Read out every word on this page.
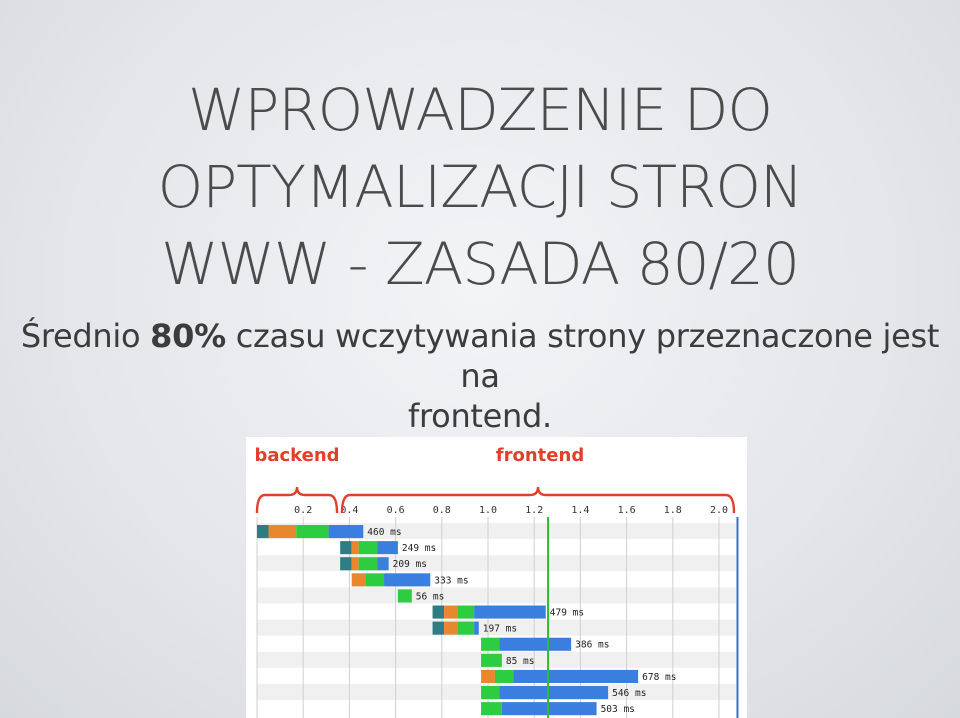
WPROWADZENIE DO
OPTYMALIZACJI STRON
WWW - ZASADA 80/20
Średnio 80% czasu wczytywania strony przeznaczone jest na
frontend.
0.2	0.4	0.6	0.8	1.0	1.2	1.4	1.6	1.8	2.0
backend	frontend
460 ms
249 ms
209 ms
333 ms
56 ms
479 ms
197 ms
386 ms
85 ms
678 ms
546 ms
503 ms
